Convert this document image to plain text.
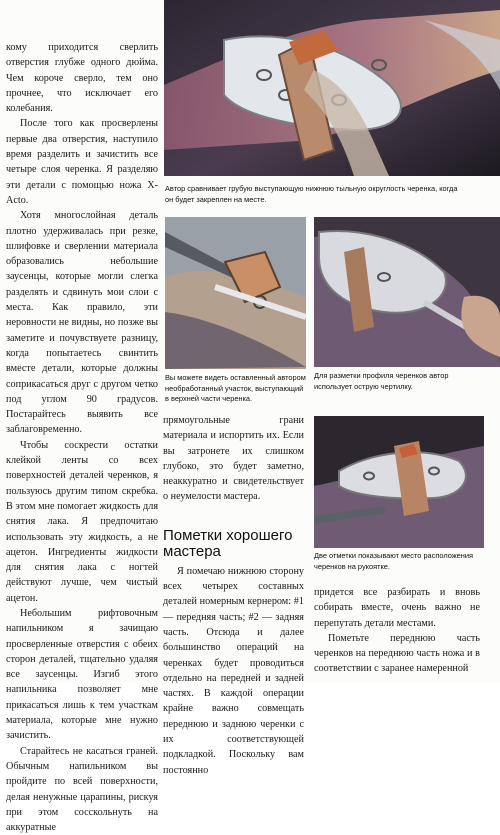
кому приходится сверлить отверстия глубже одного дюйма. Чем короче сверло, тем оно прочнее, что исключает его колебания.

После того как просверлены первые два отверстия, наступило время разделить и зачистить все четыре слоя черенка. Я разделяю эти детали с помощью ножа X-Acto.

Хотя многослойная деталь плотно удерживалась при резке, шлифовке и сверлении материала образовались небольшие заусенцы, которые могли слегка разделять и сдвинуть мои слои с места. Как правило, эти неровности не видны, но позже вы заметите и почувствуете разницу, когда попытаетесь свинтить вместе детали, которые должны соприкасаться друг с другом четко под углом 90 градусов. Постарайтесь выявить все заблаговременно.

Чтобы соскрести остатки клейкой ленты со всех поверхностей деталей черенков, я пользуюсь другим типом скребка. В этом мне помогает жидкость для снятия лака. Я предпочитаю использовать эту жидкость, а не ацетон. Ингредиенты жидкости для снятия лака с ногтей действуют лучше, чем чистый ацетон.

Небольшим рифтовочным напильником я зачищаю просверленные отверстия с обеих сторон деталей, тщательно удаляя все заусенцы. Изгиб этого напильника позволяет мне прикасаться лишь к тем участкам материала, которые мне нужно зачистить.

Старайтесь не касаться граней. Обычным напильником вы пройдите по всей поверхности, делая ненужные царапины, рискуя при этом сосскольнуть на аккуратные

Автор сравнивает грубую выступающую нижнюю тыльную округлость черенка, когда он будет закреплен на месте.
Вы можете видеть оставленный автором необработанный участок, выступающий в верхней части черенка.
Для разметки профиля черенков автор использует острую чертилку.

прямоугольные грани материала и испортить их. Если вы затронете их слишком глубоко, это будет заметно, неаккуратно и свидетельствует о неумелости мастера.

Пометки хорошего мастера

Я помечаю нижнюю сторону всех четырех составных деталей номерным кернером: #1 — передняя часть; #2 — задняя часть. Отсюда и далее большинство операций на черенках будет проводиться отдельно на передней и задней частях. В каждой операции крайне важно совмещать переднюю и заднюю черенки с их соответствующей подкладкой. Поскольку вам постоянно

Две отметки показывают место расположения черенков на рукоятке.

придется все разбирать и вновь собирать вместе, очень важно не перепутать детали местами.

Пометьте переднюю часть черенков на переднюю часть ножа и в соответствии с заранее намеренной
